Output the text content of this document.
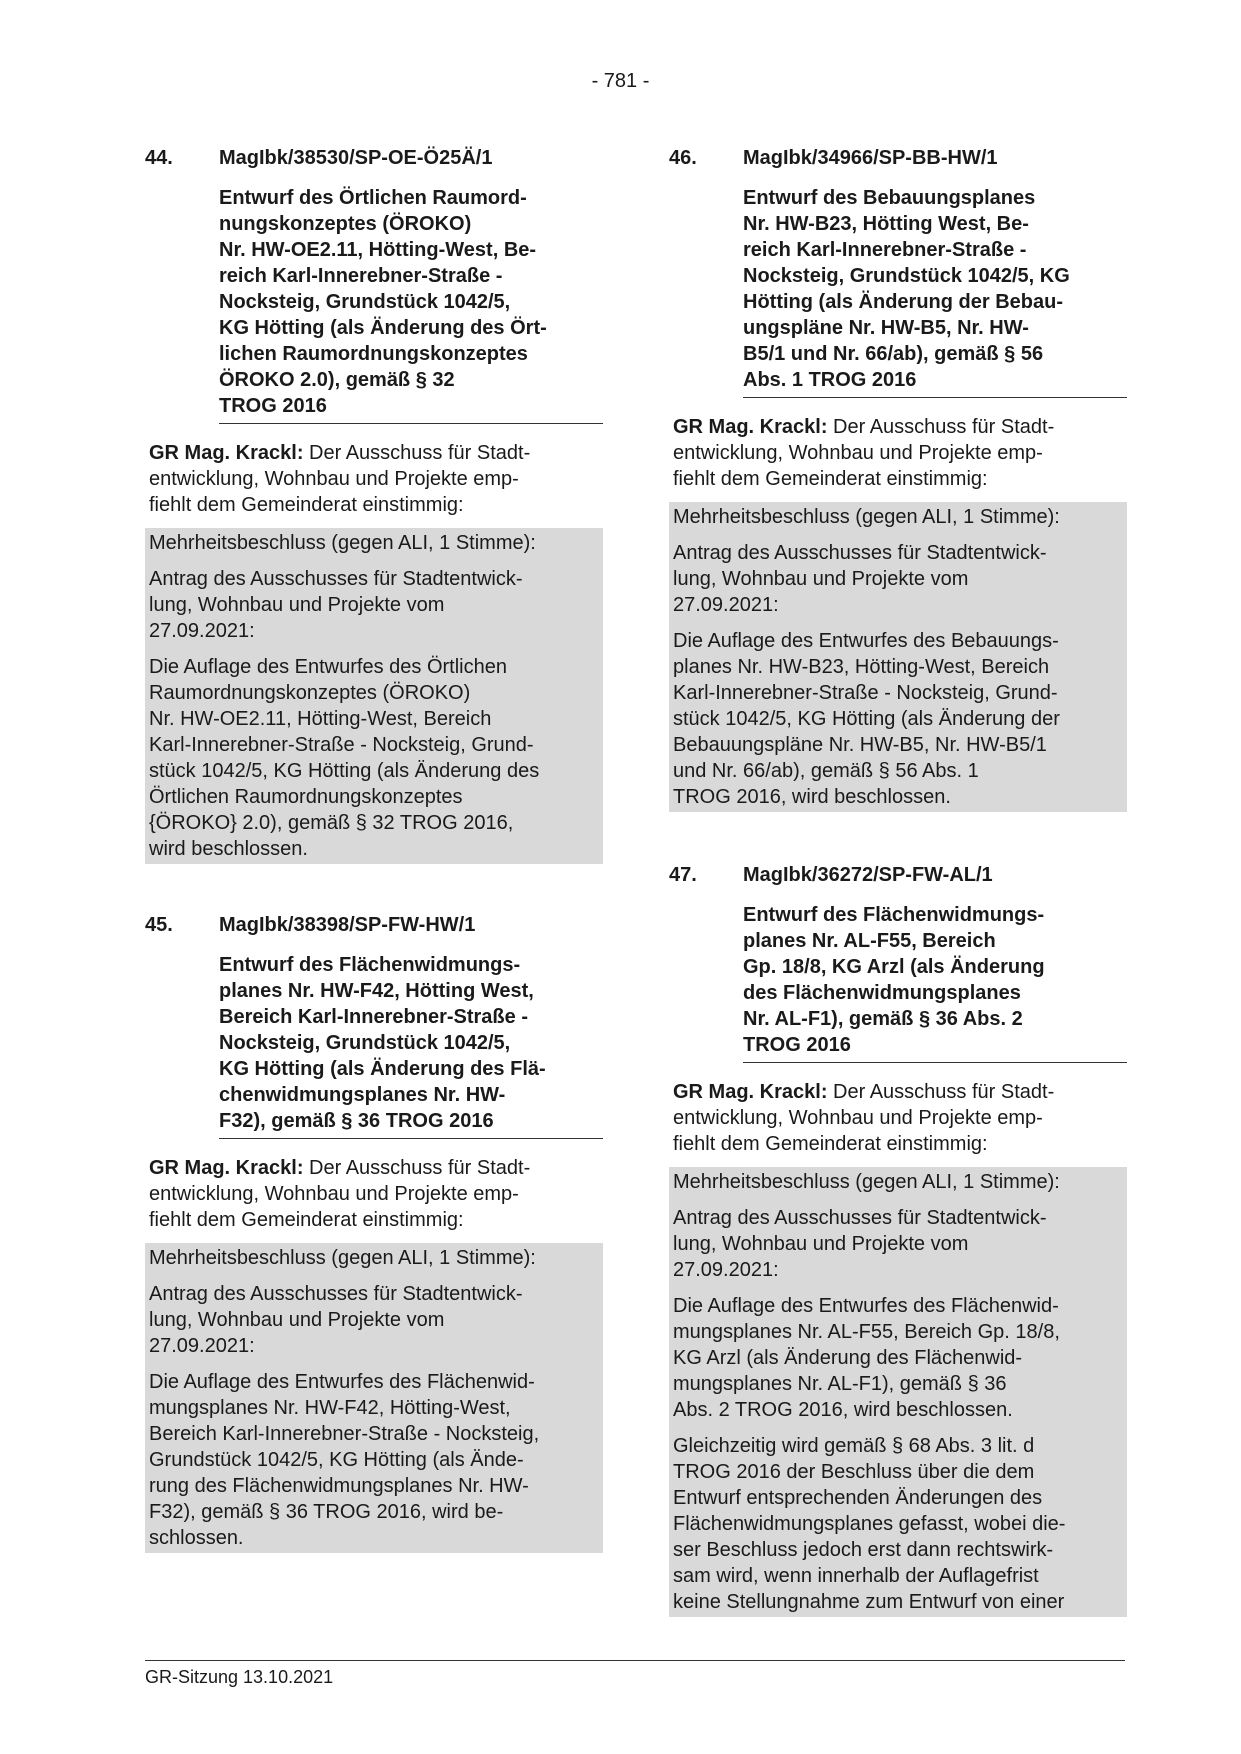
- 781 -
44.	MagIbk/38530/SP-OE-Ö25Ä/1
Entwurf des Örtlichen Raumord-
nungskonzeptes (ÖROKO)
Nr. HW-OE2.11, Hötting-West, Be-
reich Karl-Innerebner-Straße -
Nocksteig, Grundstück 1042/5,
KG Hötting (als Änderung des Ört-
lichen Raumordnungskonzeptes
ÖROKO 2.0), gemäß § 32
TROG 2016
GR Mag. Krackl: Der Ausschuss für Stadt-
entwicklung, Wohnbau und Projekte emp-
fiehlt dem Gemeinderat einstimmig:

Mehrheitsbeschluss (gegen ALI, 1 Stimme):

Antrag des Ausschusses für Stadtentwick-
lung, Wohnbau und Projekte vom
27.09.2021:

Die Auflage des Entwurfes des Örtlichen
Raumordnungskonzeptes (ÖROKO)
Nr. HW-OE2.11, Hötting-West, Bereich
Karl-Innerebner-Straße - Nocksteig, Grund-
stück 1042/5, KG Hötting (als Änderung des
Örtlichen Raumordnungskonzeptes
{ÖROKO} 2.0), gemäß § 32 TROG 2016,
wird beschlossen.

45.	MagIbk/38398/SP-FW-HW/1
Entwurf des Flächenwidmungs-
planes Nr. HW-F42, Hötting West,
Bereich Karl-Innerebner-Straße -
Nocksteig, Grundstück 1042/5,
KG Hötting (als Änderung des Flä-
chenwidmungsplanes Nr. HW-
F32), gemäß § 36 TROG 2016
GR Mag. Krackl: Der Ausschuss für Stadt-
entwicklung, Wohnbau und Projekte emp-
fiehlt dem Gemeinderat einstimmig:

Mehrheitsbeschluss (gegen ALI, 1 Stimme):

Antrag des Ausschusses für Stadtentwick-
lung, Wohnbau und Projekte vom
27.09.2021:

Die Auflage des Entwurfes des Flächenwid-
mungsplanes Nr. HW-F42, Hötting-West,
Bereich Karl-Innerebner-Straße - Nocksteig,
Grundstück 1042/5, KG Hötting (als Ände-
rung des Flächenwidmungsplanes Nr. HW-
F32), gemäß § 36 TROG 2016, wird be-
schlossen.

46.	MagIbk/34966/SP-BB-HW/1
Entwurf des Bebauungsplanes
Nr. HW-B23, Hötting West, Be-
reich Karl-Innerebner-Straße -
Nocksteig, Grundstück 1042/5, KG
Hötting (als Änderung der Bebau-
ungspläne Nr. HW-B5, Nr. HW-
B5/1 und Nr. 66/ab), gemäß § 56
Abs. 1 TROG 2016
GR Mag. Krackl: Der Ausschuss für Stadt-
entwicklung, Wohnbau und Projekte emp-
fiehlt dem Gemeinderat einstimmig:

Mehrheitsbeschluss (gegen ALI, 1 Stimme):

Antrag des Ausschusses für Stadtentwick-
lung, Wohnbau und Projekte vom
27.09.2021:

Die Auflage des Entwurfes des Bebauungs-
planes Nr. HW-B23, Hötting-West, Bereich
Karl-Innerebner-Straße - Nocksteig, Grund-
stück 1042/5, KG Hötting (als Änderung der
Bebauungspläne Nr. HW-B5, Nr. HW-B5/1
und Nr. 66/ab), gemäß § 56 Abs. 1
TROG 2016, wird beschlossen.

47.	MagIbk/36272/SP-FW-AL/1
Entwurf des Flächenwidmungs-
planes Nr. AL-F55, Bereich
Gp. 18/8, KG Arzl (als Änderung
des Flächenwidmungsplanes
Nr. AL-F1), gemäß § 36 Abs. 2
TROG 2016
GR Mag. Krackl: Der Ausschuss für Stadt-
entwicklung, Wohnbau und Projekte emp-
fiehlt dem Gemeinderat einstimmig:

Mehrheitsbeschluss (gegen ALI, 1 Stimme):

Antrag des Ausschusses für Stadtentwick-
lung, Wohnbau und Projekte vom
27.09.2021:

Die Auflage des Entwurfes des Flächenwid-
mungsplanes Nr. AL-F55, Bereich Gp. 18/8,
KG Arzl (als Änderung des Flächenwid-
mungsplanes Nr. AL-F1), gemäß § 36
Abs. 2 TROG 2016, wird beschlossen.

Gleichzeitig wird gemäß § 68 Abs. 3 lit. d
TROG 2016 der Beschluss über die dem
Entwurf entsprechenden Änderungen des
Flächenwidmungsplanes gefasst, wobei die-
ser Beschluss jedoch erst dann rechtswirk-
sam wird, wenn innerhalb der Auflagefrist
keine Stellungnahme zum Entwurf von einer

GR-Sitzung 13.10.2021
